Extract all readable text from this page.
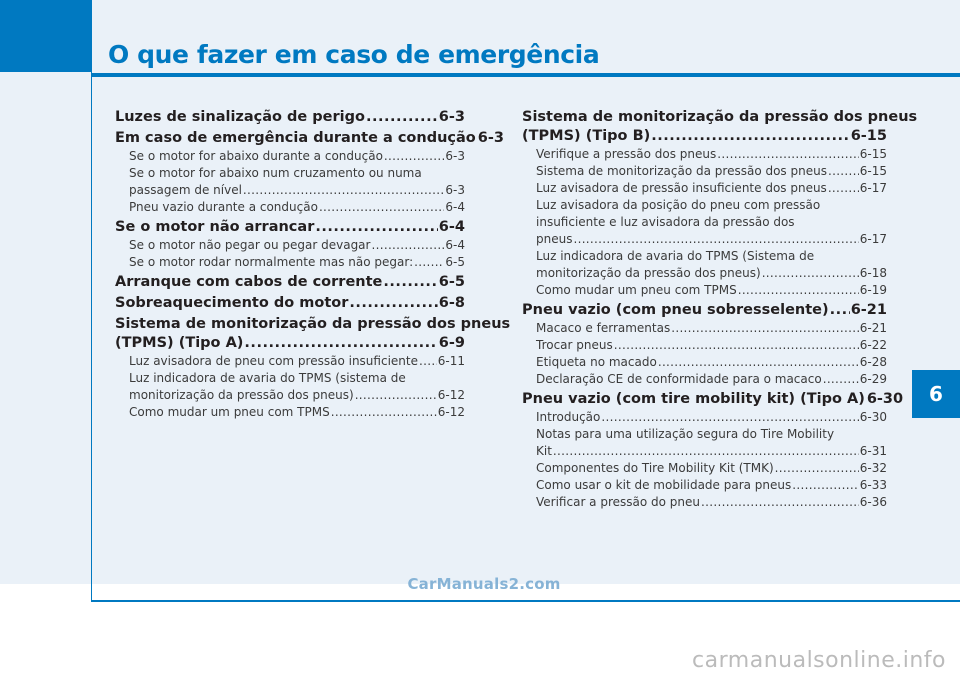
O que fazer em caso de emergência
Luzes de sinalização de perigo .....	6-3
Em caso de emergência durante a condução 6-3
Se o motor for abaixo durante a condução .....	6-3
Se o motor for abaixo num cruzamento ou numa
passagem de nível .....	6-3
Pneu vazio durante a condução .....	6-4
Se o motor não arrancar .....	6-4
Se o motor não pegar ou pegar devagar .....	6-4
Se o motor rodar normalmente mas não pegar: .....	6-5
Arranque com cabos de corrente .....	6-5
Sobreaquecimento do motor .....	6-8
Sistema de monitorização da pressão dos pneus
(TPMS) (Tipo A) .....	6-9
Luz avisadora de pneu com pressão insuficiente ..... 6-11
Luz indicadora de avaria do TPMS (sistema de
monitorização da pressão dos pneus) .....	6-12
Como mudar um pneu com TPMS .....	6-12
Sistema de monitorização da pressão dos pneus
(TPMS) (Tipo B) .....	6-15
Verifique a pressão dos pneus .....	6-15
Sistema de monitorização da pressão dos pneus .....	6-15
Luz avisadora de pressão insuficiente dos pneus .....	6-17
Luz avisadora da posição do pneu com pressão
insuficiente e luz avisadora da pressão dos
pneus .....	6-17
Luz indicadora de avaria do TPMS (Sistema de
monitorização da pressão dos pneus) .....	6-18
Como mudar um pneu com TPMS .....	6-19
Pneu vazio (com pneu sobresselente) ..... 6-21
Macaco e ferramentas .....	6-21
Trocar pneus .....	6-22
Etiqueta no macado .....	6-28
Declaração CE de conformidade para o macaco .....	6-29
Pneu vazio (com tire mobility kit) (Tipo A) 6-30
Introdução .....	6-30
Notas para uma utilização segura do Tire Mobility
Kit .....	6-31
Componentes do Tire Mobility Kit (TMK) .....	6-32
Como usar o kit de mobilidade para pneus .....	6-33
Verificar a pressão do pneu .....	6-36
6
CarManuals2.com
carmanualsonline.info
